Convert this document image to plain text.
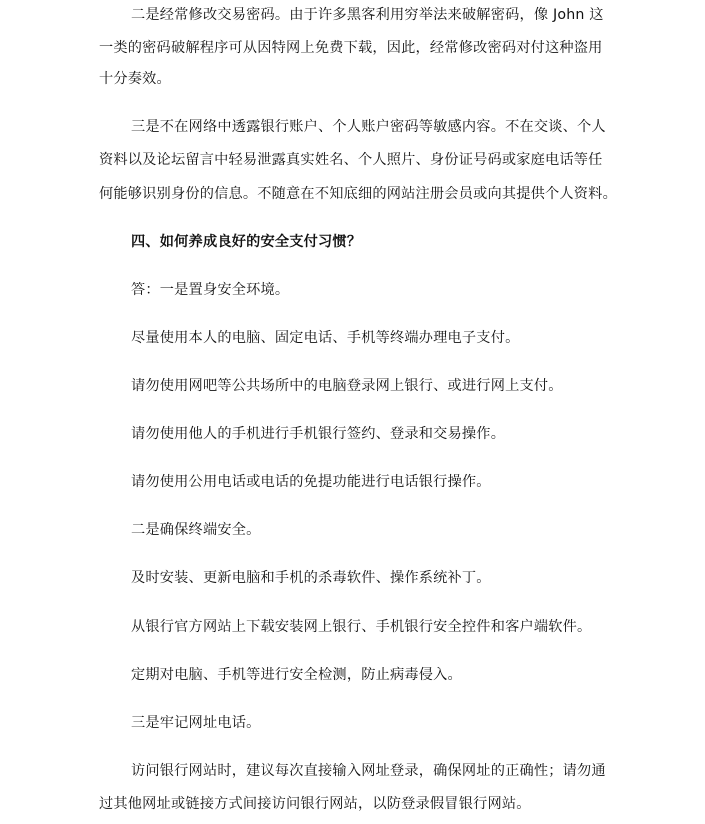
二是经常修改交易密码。由于许多黑客利用穷举法来破解密码，像 John 这
一类的密码破解程序可从因特网上免费下载，因此，经常修改密码对付这种盗用
十分奏效。
三是不在网络中透露银行账户、个人账户密码等敏感内容。不在交谈、个人
资料以及论坛留言中轻易泄露真实姓名、个人照片、身份证号码或家庭电话等任
何能够识别身份的信息。不随意在不知底细的网站注册会员或向其提供个人资料。
四、如何养成良好的安全支付习惯？
答：一是置身安全环境。
尽量使用本人的电脑、固定电话、手机等终端办理电子支付。
请勿使用网吧等公共场所中的电脑登录网上银行、或进行网上支付。
请勿使用他人的手机进行手机银行签约、登录和交易操作。
请勿使用公用电话或电话的免提功能进行电话银行操作。
二是确保终端安全。
及时安装、更新电脑和手机的杀毒软件、操作系统补丁。
从银行官方网站上下载安装网上银行、手机银行安全控件和客户端软件。
定期对电脑、手机等进行安全检测，防止病毒侵入。
三是牢记网址电话。
访问银行网站时，建议每次直接输入网址登录，确保网址的正确性；请勿通
过其他网址或链接方式间接访问银行网站，以防登录假冒银行网站。
